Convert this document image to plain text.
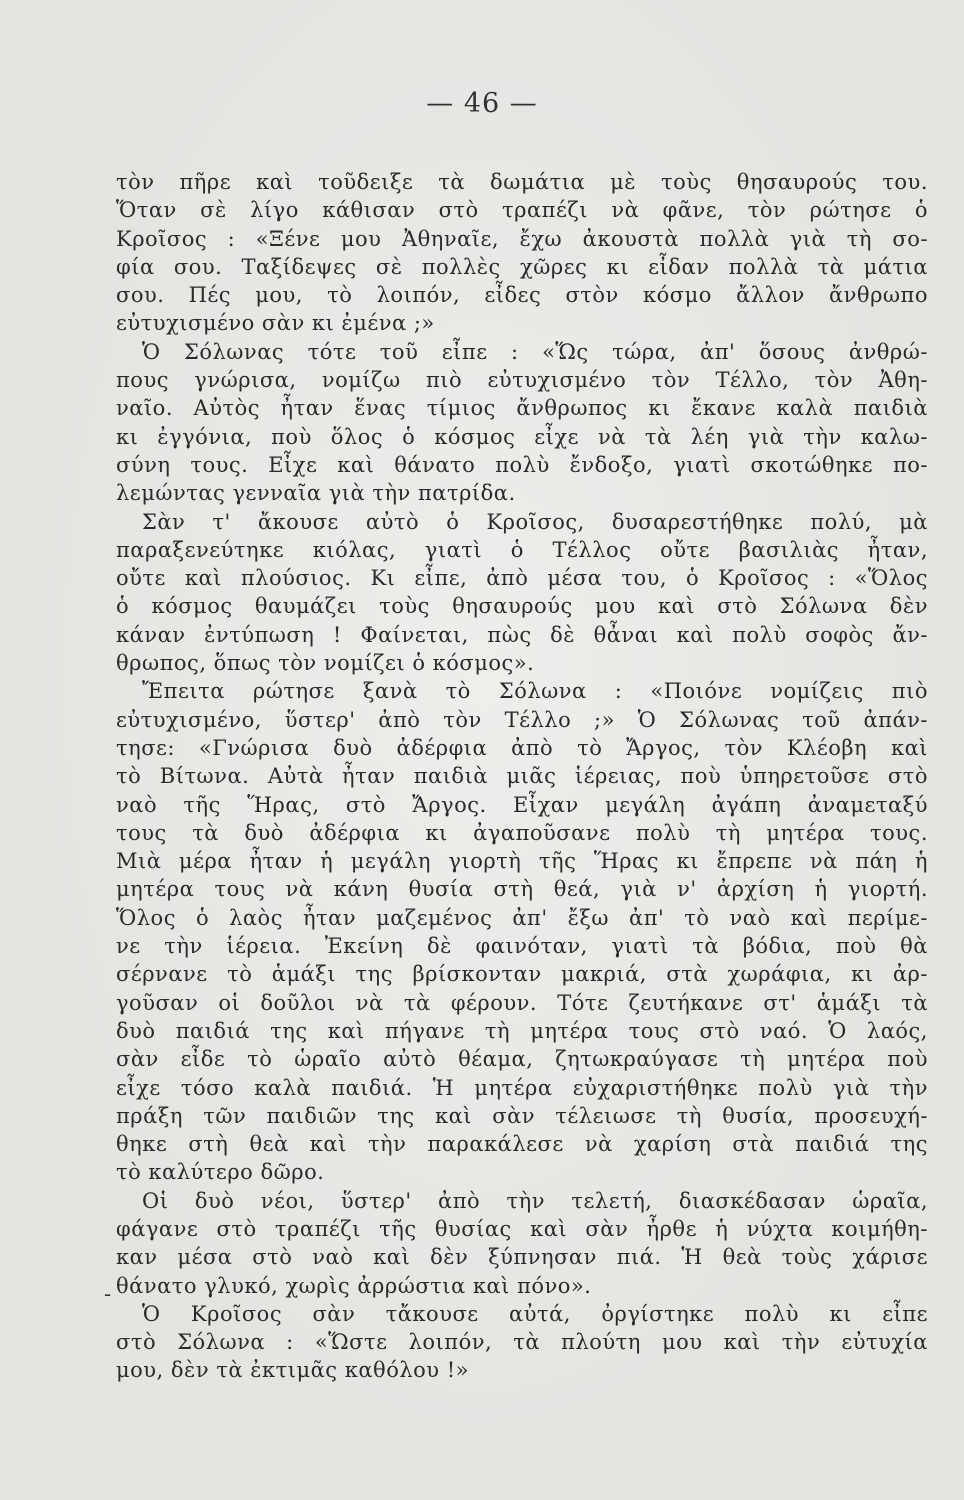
— 46 —
τὸν πῆρε καὶ τοῦδειξε τὰ δωμάτια μὲ τοὺς θησαυρούς του.
Ὅταν σὲ λίγο κάθισαν στὸ τραπέζι νὰ φᾶνε, τὸν ρώτησε ὁ
Κροῖσος : «Ξένε μου Ἀθηναῖε, ἔχω ἀκουστὰ πολλὰ γιὰ τὴ σο-
φία σου. Ταξίδεψες σὲ πολλὲς χῶρες κι εἶδαν πολλὰ τὰ μάτια
σου. Πές μου, τὸ λοιπόν, εἶδες στὸν κόσμο ἄλλον ἄνθρωπο
εὐτυχισμένο σὰν κι ἐμένα ;»
Ὁ Σόλωνας τότε τοῦ εἶπε : «Ὥς τώρα, ἀπ' ὅσους ἀνθρώ-
πους γνώρισα, νομίζω πιὸ εὐτυχισμένο τὸν Τέλλο, τὸν Ἀθη-
ναῖο. Αὐτὸς ἦταν ἕνας τίμιος ἄνθρωπος κι ἔκανε καλὰ παιδιὰ
κι ἐγγόνια, ποὺ ὅλος ὁ κόσμος εἶχε νὰ τὰ λέη γιὰ τὴν καλω-
σύνη τους. Εἶχε καὶ θάνατο πολὺ ἔνδοξο, γιατὶ σκοτώθηκε πο-
λεμώντας γενναῖα γιὰ τὴν πατρίδα.
Σὰν τ' ἄκουσε αὐτὸ ὁ Κροῖσος, δυσαρεστήθηκε πολύ, μὰ
παραξενεύτηκε κιόλας, γιατὶ ὁ Τέλλος οὔτε βασιλιὰς ἦταν,
οὔτε καὶ πλούσιος. Κι εἶπε, ἀπὸ μέσα του, ὁ Κροῖσος : «Ὅλος
ὁ κόσμος θαυμάζει τοὺς θησαυρούς μου καὶ στὸ Σόλωνα δὲν
κάναν ἐντύπωση ! Φαίνεται, πὼς δὲ θἆναι καὶ πολὺ σοφὸς ἄν-
θρωπος, ὅπως τὸν νομίζει ὁ κόσμος».
Ἔπειτα ρώτησε ξανὰ τὸ Σόλωνα : «Ποιόνε νομίζεις πιὸ
εὐτυχισμένο, ὕστερ' ἀπὸ τὸν Τέλλο ;» Ὁ Σόλωνας τοῦ ἀπάν-
τησε: «Γνώρισα δυὸ ἀδέρφια ἀπὸ τὸ Ἄργος, τὸν Κλέοβη καὶ
τὸ Βίτωνα. Αὐτὰ ἦταν παιδιὰ μιᾶς ἱέρειας, ποὺ ὑπηρετοῦσε στὸ
ναὸ τῆς Ἥρας, στὸ Ἄργος. Εἶχαν μεγάλη ἀγάπη ἀναμεταξύ
τους τὰ δυὸ ἀδέρφια κι ἀγαποῦσανε πολὺ τὴ μητέρα τους.
Μιὰ μέρα ἦταν ἡ μεγάλη γιορτὴ τῆς Ἥρας κι ἔπρεπε νὰ πάη ἡ
μητέρα τους νὰ κάνη θυσία στὴ θεά, γιὰ ν' ἀρχίση ἡ γιορτή.
Ὅλος ὁ λαὸς ἦταν μαζεμένος ἀπ' ἔξω ἀπ' τὸ ναὸ καὶ περίμε-
νε τὴν ἱέρεια. Ἐκείνη δὲ φαινόταν, γιατὶ τὰ βόδια, ποὺ θὰ
σέρνανε τὸ ἁμάξι της βρίσκονταν μακριά, στὰ χωράφια, κι ἀρ-
γοῦσαν οἱ δοῦλοι νὰ τὰ φέρουν. Τότε ζευτήκανε στ' ἁμάξι τὰ
δυὸ παιδιά της καὶ πήγανε τὴ μητέρα τους στὸ ναό. Ὁ λαός,
σὰν εἶδε τὸ ὡραῖο αὐτὸ θέαμα, ζητωκραύγασε τὴ μητέρα ποὺ
εἶχε τόσο καλὰ παιδιά. Ἡ μητέρα εὐχαριστήθηκε πολὺ γιὰ τὴν
πράξη τῶν παιδιῶν της καὶ σὰν τέλειωσε τὴ θυσία, προσευχή-
θηκε στὴ θεὰ καὶ τὴν παρακάλεσε νὰ χαρίση στὰ παιδιά της
τὸ καλύτερο δῶρο.
Οἱ δυὸ νέοι, ὕστερ' ἀπὸ τὴν τελετή, διασκέδασαν ὡραῖα,
φάγανε στὸ τραπέζι τῆς θυσίας καὶ σὰν ἦρθε ἡ νύχτα κοιμήθη-
καν μέσα στὸ ναὸ καὶ δὲν ξύπνησαν πιά. Ἡ θεὰ τοὺς χάρισε
θάνατο γλυκό, χωρὶς ἀρρώστια καὶ πόνο».
Ὁ Κροῖσος σὰν τἄκουσε αὐτά, ὀργίστηκε πολὺ κι εἶπε
στὸ Σόλωνα : «Ὥστε λοιπόν, τὰ πλούτη μου καὶ τὴν εὐτυχία
μου, δὲν τὰ ἐκτιμᾶς καθόλου !»
-
